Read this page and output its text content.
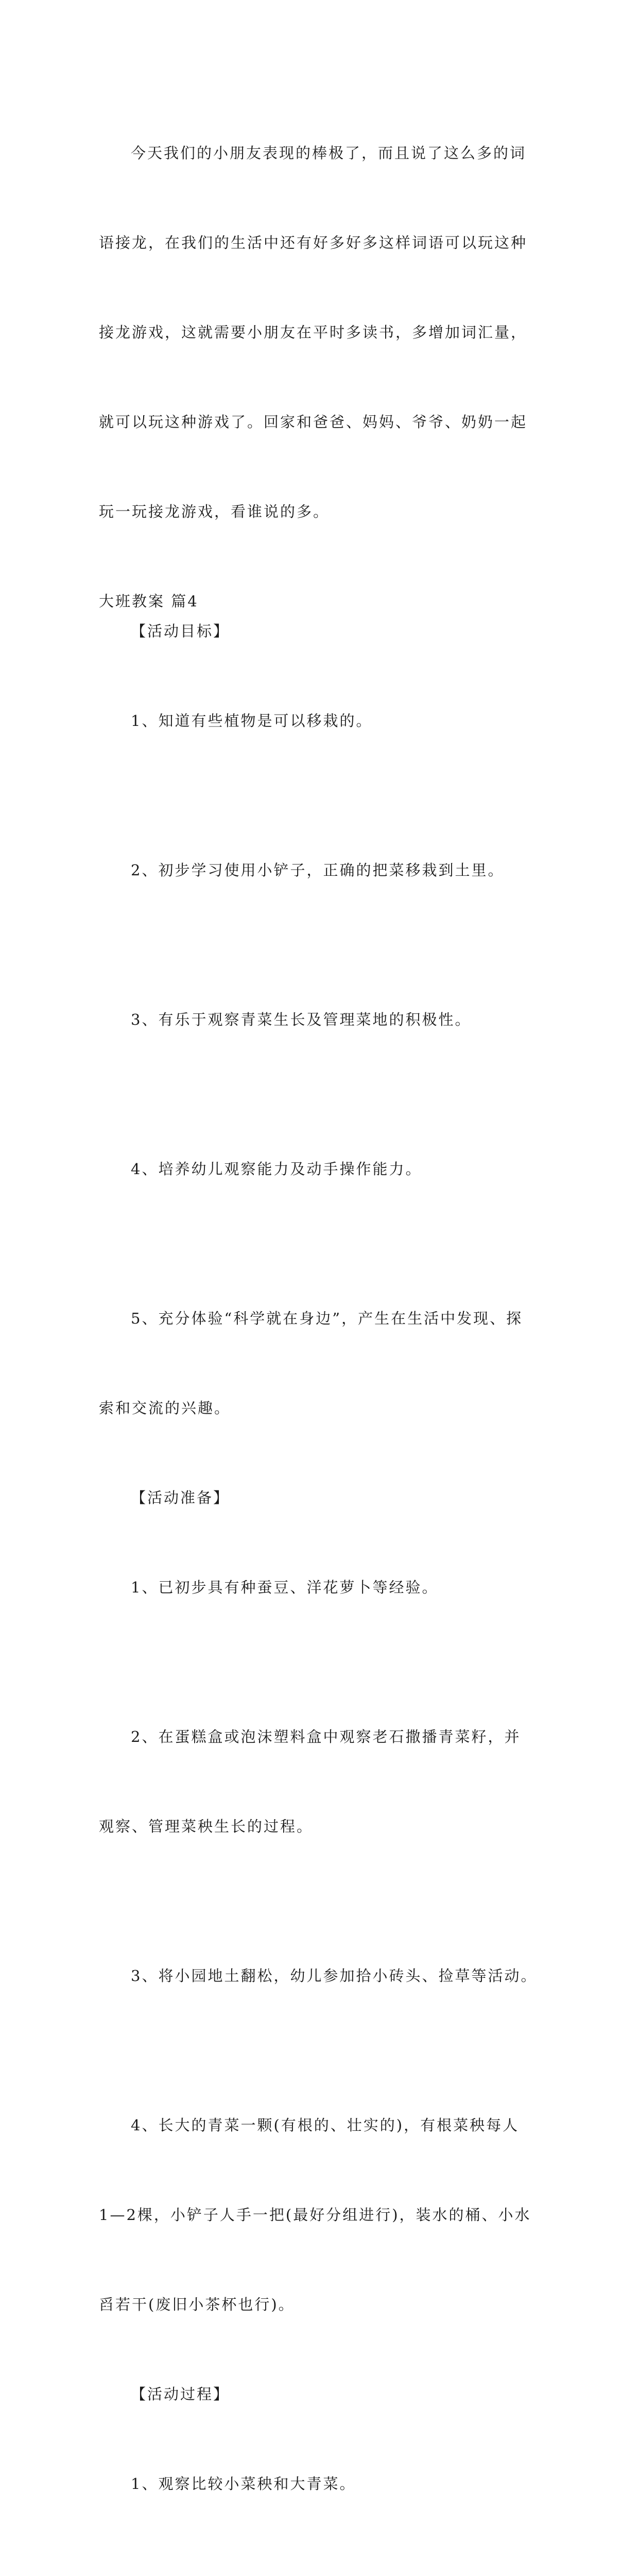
今天我们的小朋友表现的棒极了，而且说了这么多的词

语接龙，在我们的生活中还有好多好多这样词语可以玩这种

接龙游戏，这就需要小朋友在平时多读书，多增加词汇量，

就可以玩这种游戏了。回家和爸爸、妈妈、爷爷、奶奶一起

玩一玩接龙游戏，看谁说的多。

大班教案 篇4

【活动目标】

1、知道有些植物是可以移栽的。

2、初步学习使用小铲子，正确的把菜移栽到土里。

3、有乐于观察青菜生长及管理菜地的积极性。

4、培养幼儿观察能力及动手操作能力。

5、充分体验“科学就在身边”，产生在生活中发现、探

索和交流的兴趣。

【活动准备】

1、已初步具有种蚕豆、洋花萝卜等经验。

2、在蛋糕盒或泡沫塑料盒中观察老石撒播青菜籽，并

观察、管理菜秧生长的过程。

3、将小园地土翻松，幼儿参加拾小砖头、捡草等活动。

4、长大的青菜一颗(有根的、壮实的)，有根菜秧每人

1—2棵，小铲子人手一把(最好分组进行)，装水的桶、小水

舀若干(废旧小茶杯也行)。

【活动过程】

1、观察比较小菜秧和大青菜。
